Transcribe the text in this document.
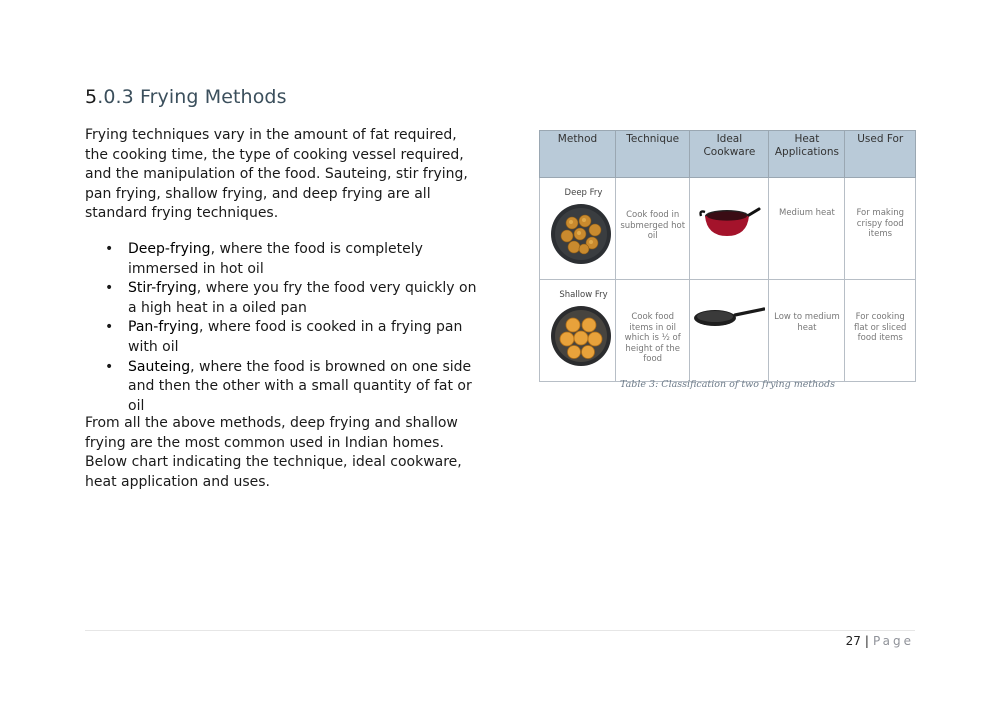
5.0.3 Frying Methods

Frying techniques vary in the amount of fat required, the cooking time, the type of cooking vessel required, and the manipulation of the food. Sauteing, stir frying, pan frying, shallow frying, and deep frying are all standard frying techniques.

• Deep-frying, where the food is completely immersed in hot oil
• Stir-frying, where you fry the food very quickly on a high heat in a oiled pan
• Pan-frying, where food is cooked in a frying pan with oil
• Sauteing, where the food is browned on one side and then the other with a small quantity of fat or oil

From all the above methods, deep frying and shallow frying are the most common used in Indian homes. Below chart indicating the technique, ideal cookware, heat application and uses.

Method	Technique	Ideal Cookware	Heat Applications	Used For

Deep Fry	Cook food in submerged hot oil		Medium heat	For making crispy food items

Shallow Fry	Cook food items in oil which is ½ of height of the food		Low to medium heat	For cooking flat or sliced food items
Table 3: Classification of two frying methods
27 | Page
